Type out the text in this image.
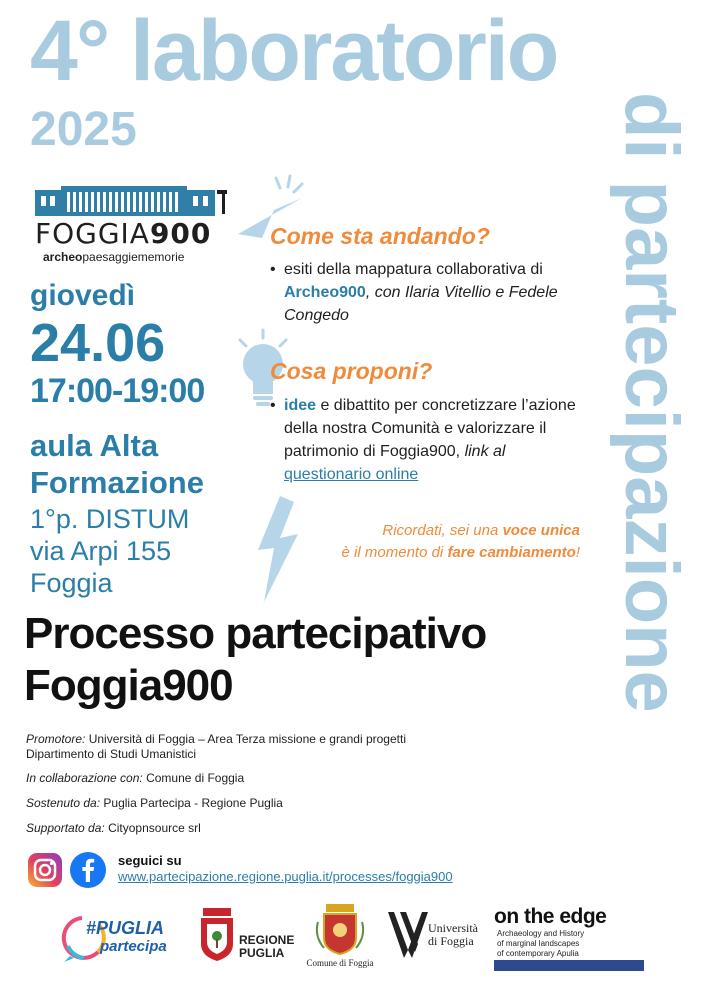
4° laboratorio
2025	di partecipazione
FOGGIA900
archeopaesaggiememorie
giovedì
24.06
17:00-19:00
aula Alta
Formazione
1°p. DISTUM
via Arpi 155
Foggia
Come sta andando?
• esiti della mappatura collaborativa di Archeo900, con Ilaria Vitellio e Fedele Congedo
Cosa proponi?
• idee e dibattito per concretizzare l’azione della nostra Comunità e valorizzare il patrimonio di Foggia900, link al questionario online
Ricordati, sei una voce unica
è il momento di fare cambiamento!
Processo partecipativo
Foggia900
Promotore: Università di Foggia – Area Terza missione e grandi progetti
Dipartimento di Studi Umanistici
In collaborazione con: Comune di Foggia
Sostenuto da: Puglia Partecipa - Regione Puglia
Supportato da: Cityopnsource srl
seguici su
www.partecipazione.regione.puglia.it/processes/foggia900
#PUGLIA
partecipa	REGIONE
PUGLIA
Comune di Foggia
Università
di Foggia
on the edge
Archaeology and History
of marginal landscapes
of contemporary Apulia
